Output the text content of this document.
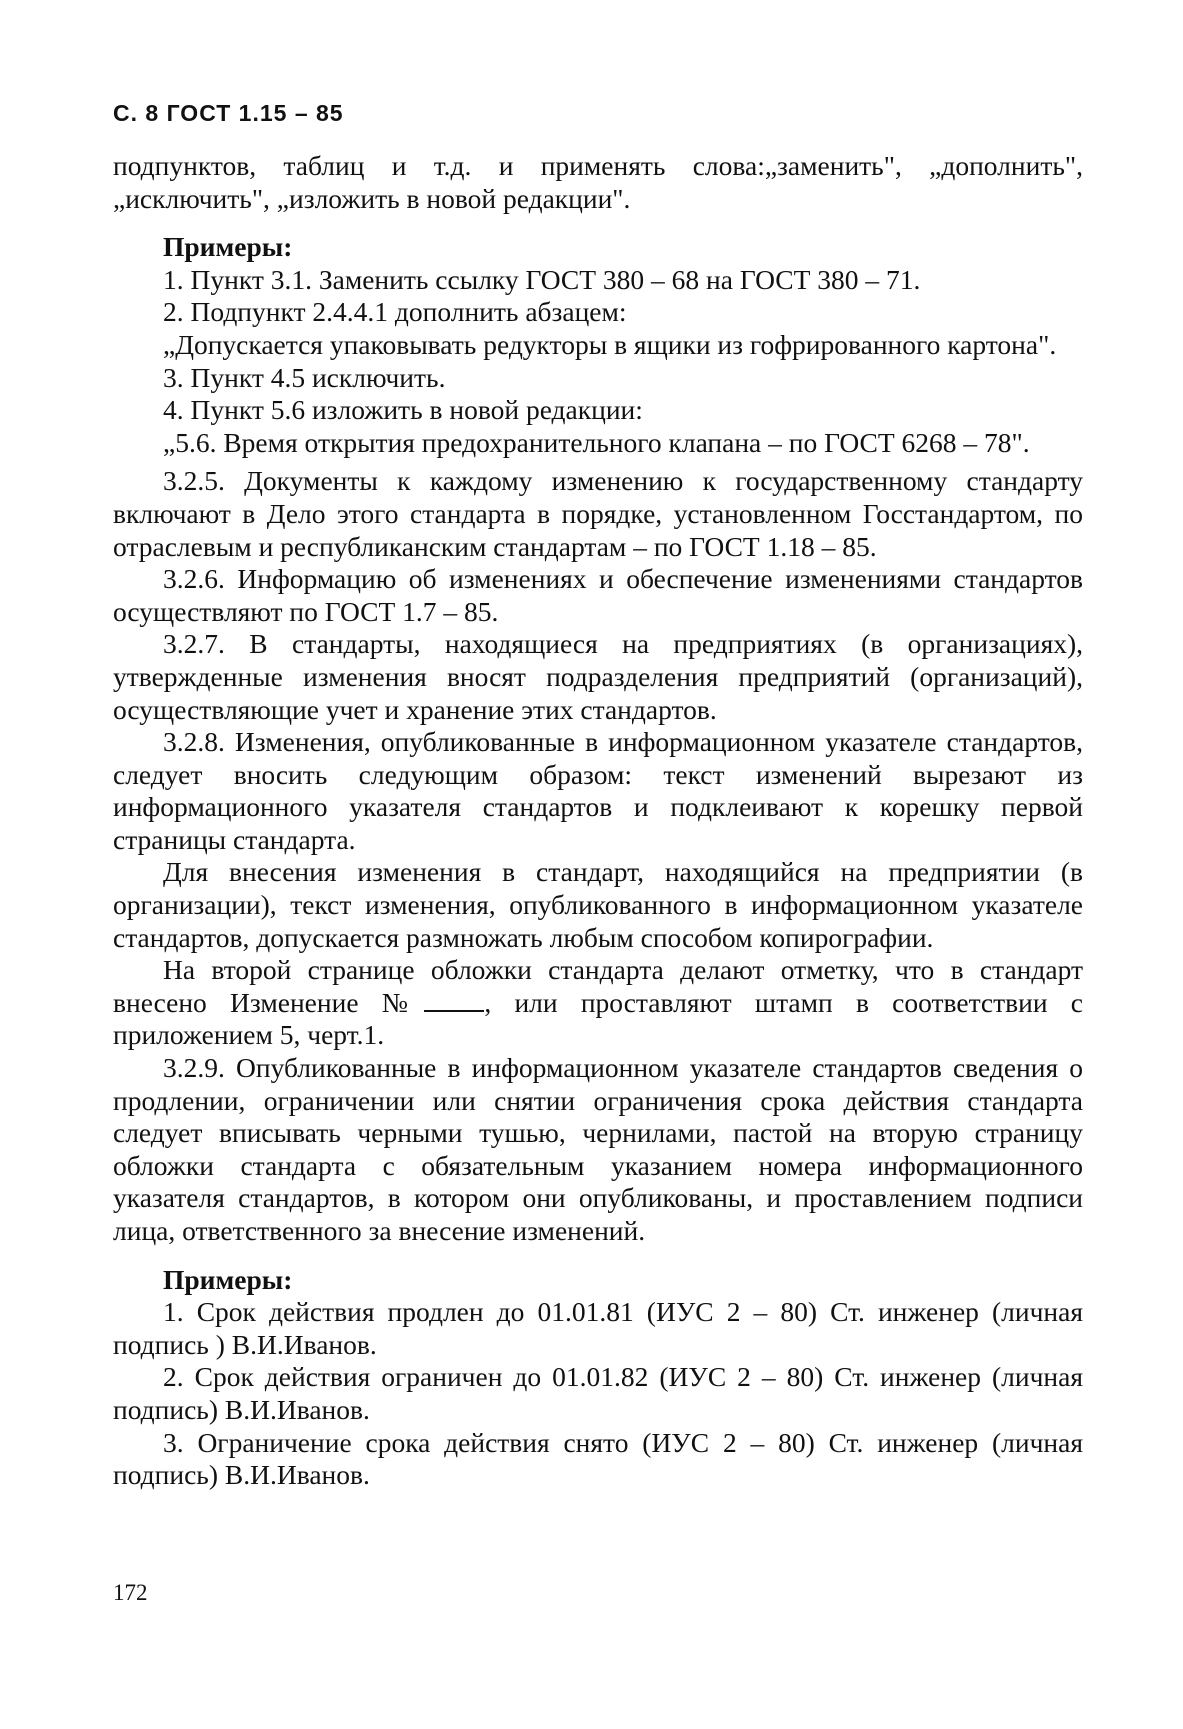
С. 8 ГОСТ 1.15 – 85

подпунктов, таблиц и т.д. и применять слова:„заменить", „дополнить",

„исключить", „изложить в новой редакции".

Примеры:

1. Пункт 3.1. Заменить ссылку ГОСТ 380 – 68 на ГОСТ 380 – 71.

2. Подпункт 2.4.4.1 дополнить абзацем:

„Допускается упаковывать редукторы в ящики из гофрированного картона".

3. Пункт 4.5 исключить.

4. Пункт 5.6 изложить в новой редакции:

„5.6. Время открытия предохранительного клапана – по ГОСТ 6268 – 78".

3.2.5. Документы к каждому изменению к государственному стандарту включают в Дело этого стандарта в порядке, установленном Госстандартом, по отраслевым и республиканским стандартам – по ГОСТ 1.18 – 85.

3.2.6. Информацию об изменениях и обеспечение изменениями стандартов осуществляют по ГОСТ 1.7 – 85.

3.2.7. В стандарты, находящиеся на предприятиях (в организациях), утвержденные изменения вносят подразделения предприятий (организаций), осуществляющие учет и хранение этих стандартов.

3.2.8. Изменения, опубликованные в информационном указателе стандартов, следует вносить следующим образом: текст изменений вырезают из информационного указателя стандартов и подклеивают к корешку первой страницы стандарта.

Для внесения изменения в стандарт, находящийся на предприятии (в организации), текст изменения, опубликованного в информационном указателе стандартов, допускается размножать любым способом копирографии.

На второй странице обложки стандарта делают отметку, что в стандарт внесено Изменение № , или проставляют штамп в соответствии с приложением 5, черт.1.

3.2.9. Опубликованные в информационном указателе стандартов сведения о продлении, ограничении или снятии ограничения срока действия стандарта следует вписывать черными тушью, чернилами, пастой на вторую страницу обложки стандарта с обязательным указанием номера информационного указателя стандартов, в котором они опубликованы, и проставлением подписи лица, ответственного за внесение изменений.

Примеры:

1. Срок действия продлен до 01.01.81 (ИУС 2 – 80) Ст. инженер (личная подпись ) В.И.Иванов.

2. Срок действия ограничен до 01.01.82 (ИУС 2 – 80) Ст. инженер (личная подпись) В.И.Иванов.

3. Ограничение срока действия снято (ИУС 2 – 80) Ст. инженер (личная подпись) В.И.Иванов.

172
